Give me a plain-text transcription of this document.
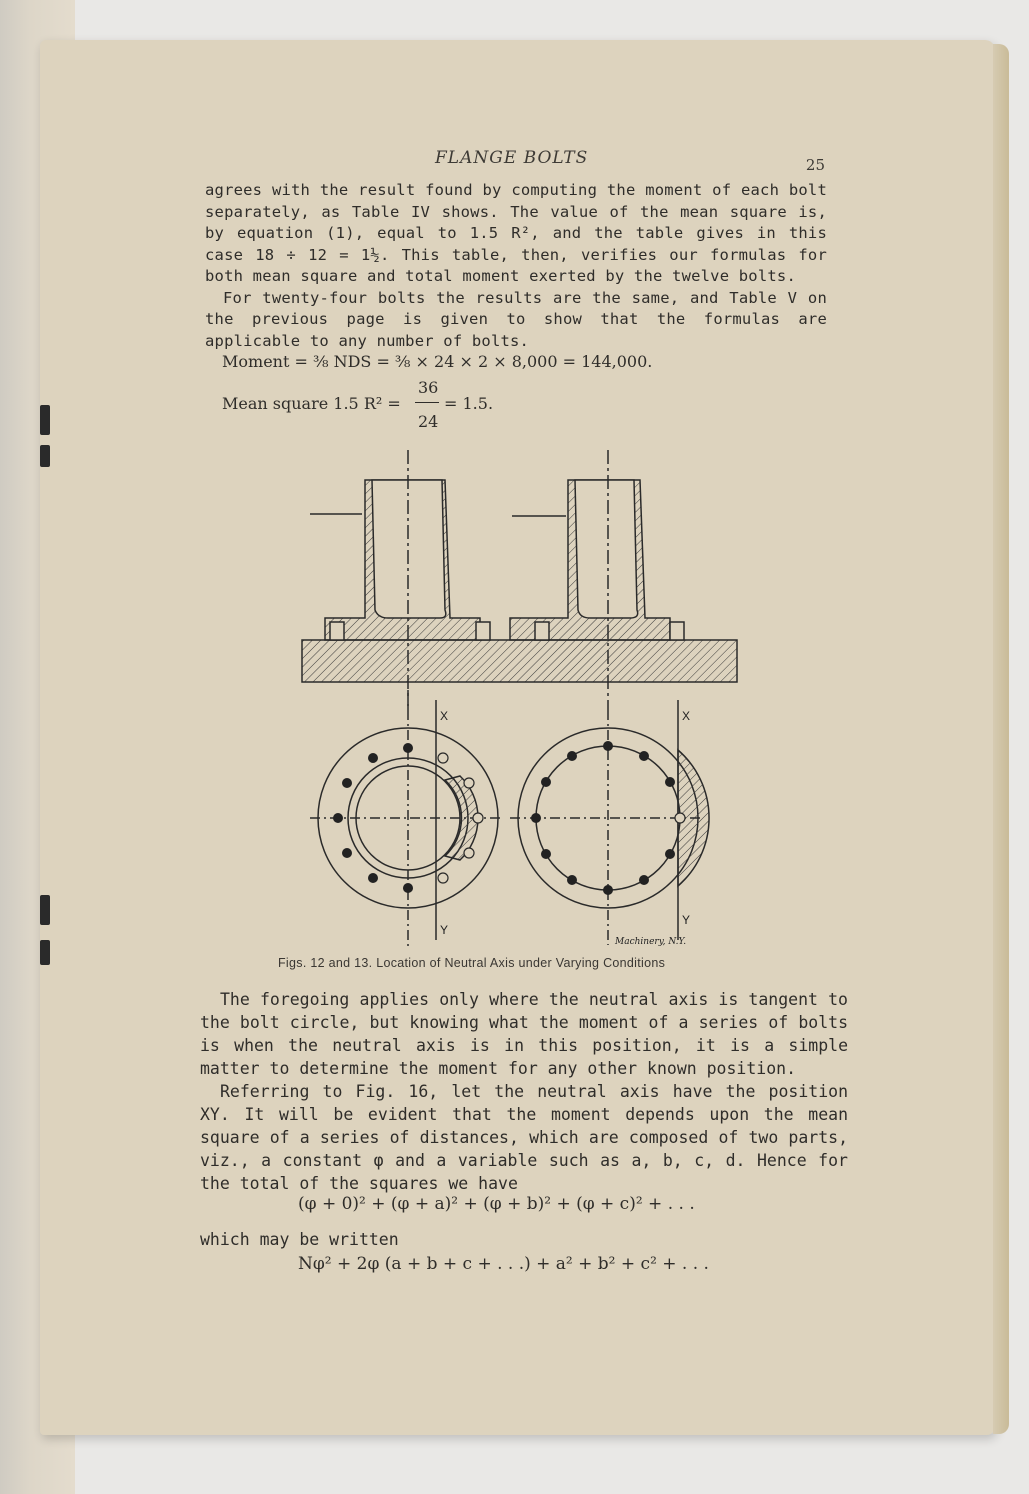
FLANGE BOLTS	25

agrees with the result found by computing the moment of each bolt separately, as Table IV shows. The value of the mean square is, by equation (1), equal to 1.5 R², and the table gives in this case 18 ÷ 12 = 1½. This table, then, verifies our formulas for both mean square and total moment exerted by the twelve bolts.

For twenty-four bolts the results are the same, and Table V on the previous page is given to show that the formulas are applicable to any number of bolts.

Moment = ⅜ NDS = ⅜ × 24 × 2 × 8,000 = 144,000.
Mean square 1.5 R² =
36
24
= 1.5.
X
Y
X
Y
Machinery, N.Y.
Figs. 12 and 13. Location of Neutral Axis under Varying Conditions

The foregoing applies only where the neutral axis is tangent to the bolt circle, but knowing what the moment of a series of bolts is when the neutral axis is in this position, it is a simple matter to determine the moment for any other known position.

Referring to Fig. 16, let the neutral axis have the position XY. It will be evident that the moment depends upon the mean square of a series of distances, which are composed of two parts, viz., a constant φ and a variable such as a, b, c, d. Hence for the total of the squares we have

(φ + 0)² + (φ + a)² + (φ + b)² + (φ + c)² + . . .
which may be written
Nφ² + 2φ (a + b + c + . . .) + a² + b² + c² + . . .
